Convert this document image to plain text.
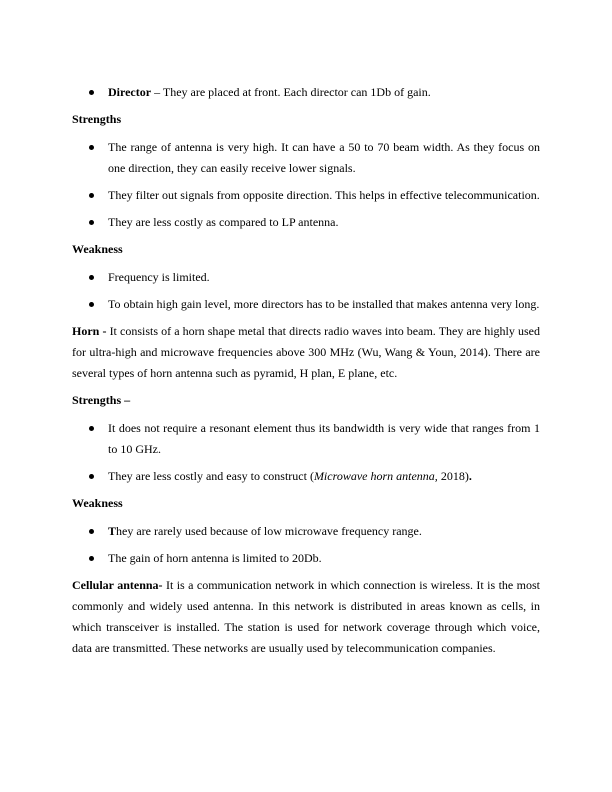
Director – They are placed at front. Each director can 1Db of gain.
Strengths
The range of antenna is very high. It can have a 50 to 70 beam width. As they focus on one direction, they can easily receive lower signals.
They filter out signals from opposite direction. This helps in effective telecommunication.
They are less costly as compared to LP antenna.
Weakness
Frequency is limited.
To obtain high gain level, more directors has to be installed that makes antenna very long.

Horn - It consists of a horn shape metal that directs radio waves into beam. They are highly used for ultra-high and microwave frequencies above 300 MHz (Wu, Wang & Youn, 2014). There are several types of horn antenna such as pyramid, H plan, E plane, etc.

Strengths –
It does not require a resonant element thus its bandwidth is very wide that ranges from 1 to 10 GHz.
They are less costly and easy to construct (Microwave horn antenna, 2018).
Weakness
They are rarely used because of low microwave frequency range.
The gain of horn antenna is limited to 20Db.

Cellular antenna- It is a communication network in which connection is wireless. It is the most commonly and widely used antenna. In this network is distributed in areas known as cells, in which transceiver is installed. The station is used for network coverage through which voice, data are transmitted. These networks are usually used by telecommunication companies.
